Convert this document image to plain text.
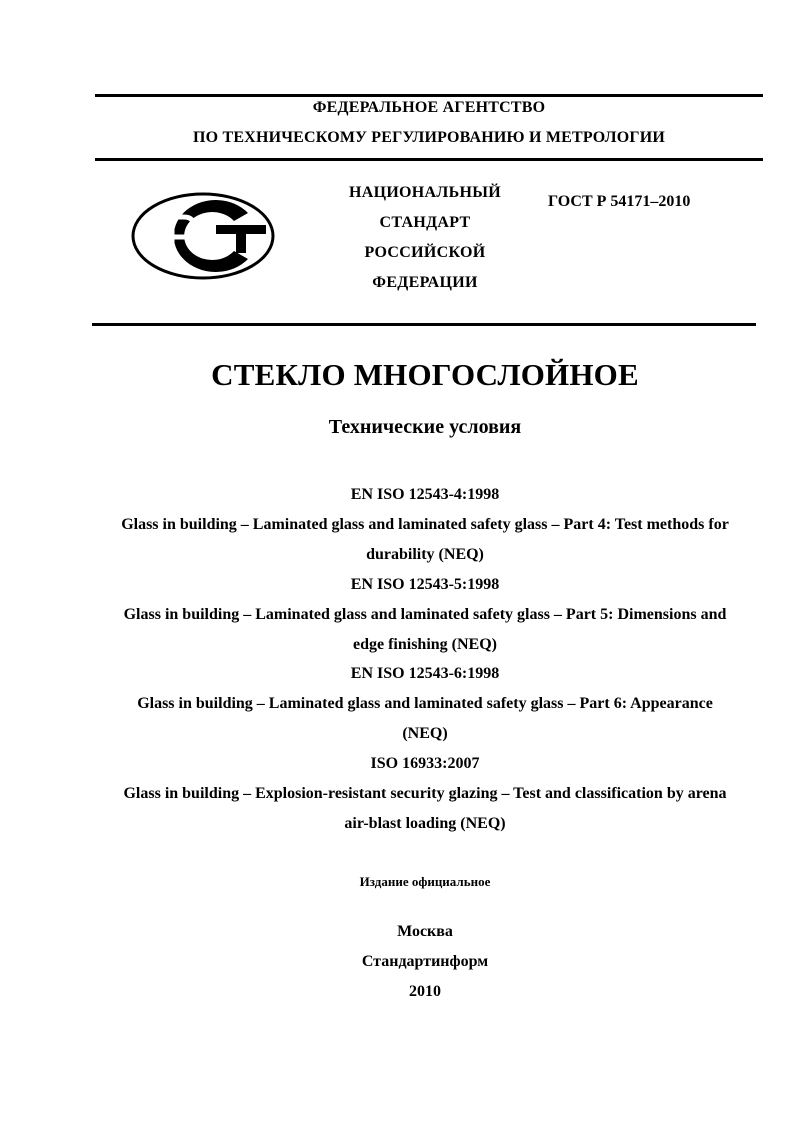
ФЕДЕРАЛЬНОЕ АГЕНТСТВО
ПО ТЕХНИЧЕСКОМУ РЕГУЛИРОВАНИЮ И МЕТРОЛОГИИ
НАЦИОНАЛЬНЫЙ
СТАНДАРТ
РОССИЙСКОЙ
ФЕДЕРАЦИИ
ГОСТ Р 54171–2010
СТЕКЛО МНОГОСЛОЙНОЕ
Технические условия
EN ISO 12543-4:1998
Glass in building – Laminated glass and laminated safety glass – Part 4: Test methods for
durability (NEQ)
EN ISO 12543-5:1998
Glass in building – Laminated glass and laminated safety glass – Part 5: Dimensions and
edge finishing (NEQ)
EN ISO 12543-6:1998
Glass in building – Laminated glass and laminated safety glass – Part 6: Appearance
(NEQ)
ISO 16933:2007
Glass in building – Explosion-resistant security glazing – Test and classification by arena
air-blast loading (NEQ)
Издание официальное
Москва
Стандартинформ
2010
